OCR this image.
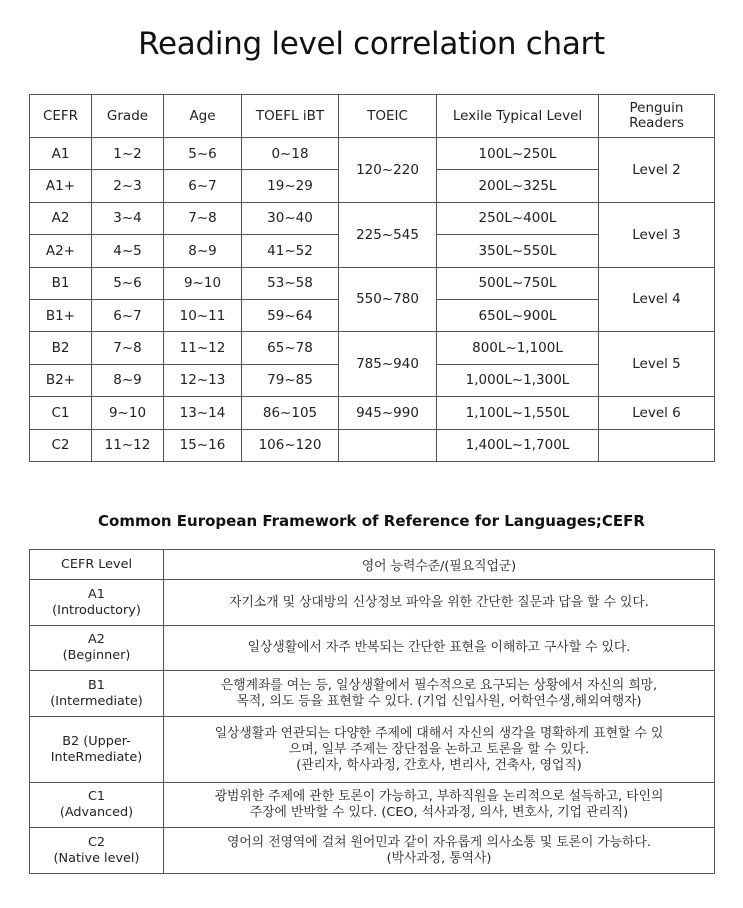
Reading level correlation chart
CEFR	Grade	Age	TOEFL iBT	TOEIC	Lexile Typical Level	Penguin
Readers

A1	1~2	5~6	0~18	120~220	100L~250L	Level 2
A1+	2~3	6~7	19~29		200L~325L	
A2	3~4	7~8	30~40	225~545	250L~400L	Level 3
A2+	4~5	8~9	41~52		350L~550L	
B1	5~6	9~10	53~58	550~780	500L~750L	Level 4
B1+	6~7	10~11	59~64		650L~900L	
B2	7~8	11~12	65~78	785~940	800L~1,100L	Level 5
B2+	8~9	12~13	79~85		1,000L~1,300L	
C1	9~10	13~14	86~105	945~990	1,100L~1,550L	Level 6
C2	11~12	15~16	106~120		1,400L~1,700L	
Common European Framework of Reference for Languages;CEFR
CEFR Level	영어 능력수준/(필요직업군)

A1
(Introductory)	자기소개 및 상대방의 신상정보 파악을 위한 간단한 질문과 답을 할 수 있다.

A2
(Beginner)	일상생활에서 자주 반복되는 간단한 표현을 이해하고 구사할 수 있다.

B1
(Intermediate)	은행계좌를 여는 등, 일상생활에서 필수적으로 요구되는 상황에서 자신의 희망,
목적, 의도 등을 표현할 수 있다. (기업 신입사원, 어학연수생,해외여행자)

B2 (Upper-
InteRmediate)	일상생활과 연관되는 다양한 주제에 대해서 자신의 생각을 명확하게 표현할 수 있
으며, 일부 주제는 장단점을 논하고 토론을 할 수 있다.
(관리자, 학사과정, 간호사, 변리사, 건축사, 영업직)

C1
(Advanced)	광범위한 주제에 관한 토론이 가능하고, 부하직원을 논리적으로 설득하고, 타인의
주장에 반박할 수 있다. (CEO, 석사과정, 의사, 변호사, 기업 관리직)

C2
(Native level)	영어의 전영역에 걸쳐 원어민과 같이 자유롭게 의사소통 및 토론이 가능하다.
(박사과정, 통역사)
